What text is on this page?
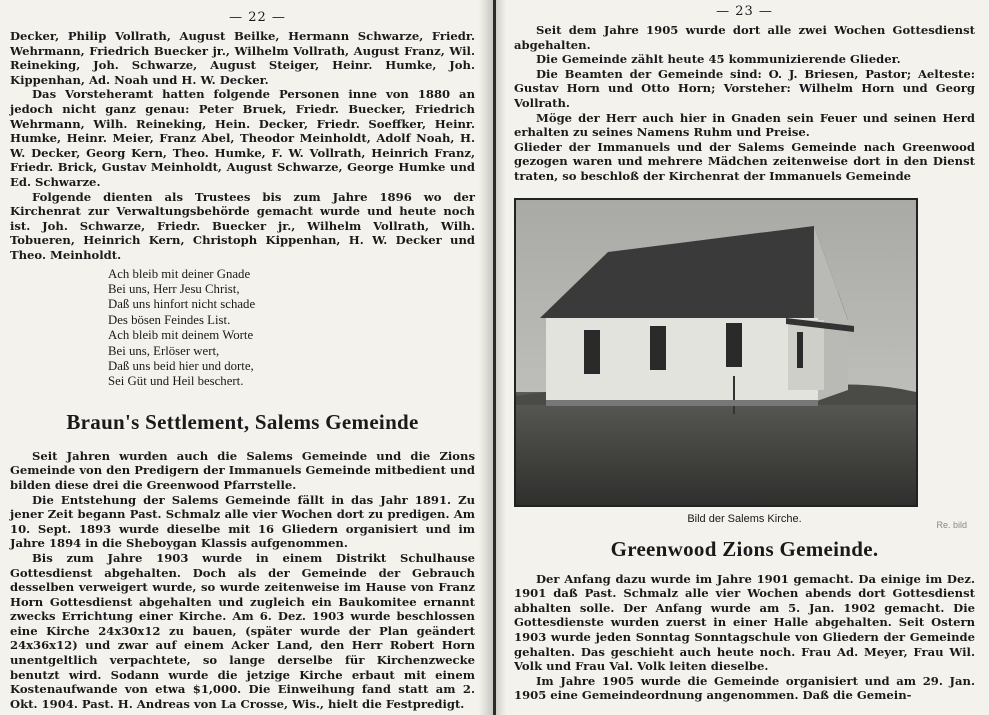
— 22 —

Decker, Philip Vollrath, August Beilke, Hermann Schwarze, Friedr. Wehrmann, Friedrich Buecker jr., Wilhelm Vollrath, August Franz, Wil. Reineking, Joh. Schwarze, August Steiger, Heinr. Humke, Joh. Kippenhan, Ad. Noah und H. W. Decker.

Das Vorsteheramt hatten folgende Personen inne von 1880 an jedoch nicht ganz genau: Peter Bruek, Friedr. Buecker, Friedrich Wehrmann, Wilh. Reineking, Hein. Decker, Friedr. Soeffker, Heinr. Humke, Heinr. Meier, Franz Abel, Theodor Meinholdt, Adolf Noah, H. W. Decker, Georg Kern, Theo. Humke, F. W. Vollrath, Heinrich Franz, Friedr. Brick, Gustav Meinholdt, August Schwarze, George Humke und Ed. Schwarze.

Folgende dienten als Trustees bis zum Jahre 1896 wo der Kirchenrat zur Verwaltungsbehörde gemacht wurde und heute noch ist. Joh. Schwarze, Friedr. Buecker jr., Wilhelm Vollrath, Wilh. Tobueren, Heinrich Kern, Christoph Kippenhan, H. W. Decker und Theo. Meinholdt.

Ach bleib mit deiner Gnade
Bei uns, Herr Jesu Christ,
Daß uns hinfort nicht schade
Des bösen Feindes List.
Ach bleib mit deinem Worte
Bei uns, Erlöser wert,
Daß uns beid hier und dorte,
Sei Güt und Heil beschert.
Braun's Settlement, Salems Gemeinde

Seit Jahren wurden auch die Salems Gemeinde und die Zions Gemeinde von den Predigern der Immanuels Gemeinde mitbedient und bilden diese drei die Greenwood Pfarrstelle.

Die Entstehung der Salems Gemeinde fällt in das Jahr 1891. Zu jener Zeit begann Past. Schmalz alle vier Wochen dort zu predigen. Am 10. Sept. 1893 wurde dieselbe mit 16 Gliedern organisiert und im Jahre 1894 in die Sheboygan Klassis aufgenommen.

Bis zum Jahre 1903 wurde in einem Distrikt Schulhause Gottesdienst abgehalten. Doch als der Gemeinde der Gebrauch desselben verweigert wurde, so wurde zeitenweise im Hause von Franz Horn Gottesdienst abgehalten und zugleich ein Baukomitee ernannt zwecks Errichtung einer Kirche. Am 6. Dez. 1903 wurde beschlossen eine Kirche 24x30x12 zu bauen, (später wurde der Plan geändert 24x36x12) und zwar auf einem Acker Land, den Herr Robert Horn unentgeltlich verpachtete, so lange derselbe für Kirchenzwecke benutzt wird. Sodann wurde die jetzige Kirche erbaut mit einem Kostenaufwande von etwa $1,000. Die Einweihung fand statt am 2. Okt. 1904. Past. H. Andreas von La Crosse, Wis., hielt die Festpredigt.

— 23 —

Seit dem Jahre 1905 wurde dort alle zwei Wochen Gottesdienst abgehalten.

Die Gemeinde zählt heute 45 kommunizierende Glieder.

Die Beamten der Gemeinde sind: O. J. Briesen, Pastor; Aelteste: Gustav Horn und Otto Horn; Vorsteher: Wilhelm Horn und Georg Vollrath.

Möge der Herr auch hier in Gnaden sein Feuer und seinen Herd erhalten zu seines Namens Ruhm und Preise.

Glieder der Immanuels und der Salems Gemeinde nach Greenwood gezogen waren und mehrere Mädchen zeitenweise dort in den Dienst traten, so beschloß der Kirchenrat der Immanuels Gemeinde

Bild der Salems Kirche.
Re. bild
Greenwood Zions Gemeinde.

Der Anfang dazu wurde im Jahre 1901 gemacht. Da einige im Dez. 1901 daß Past. Schmalz alle vier Wochen abends dort Gottesdienst abhalten solle. Der Anfang wurde am 5. Jan. 1902 gemacht. Die Gottesdienste wurden zuerst in einer Halle abgehalten. Seit Ostern 1903 wurde jeden Sonntag Sonntagschule von Gliedern der Gemeinde gehalten. Das geschieht auch heute noch. Frau Ad. Meyer, Frau Wil. Volk und Frau Val. Volk leiten dieselbe.

Im Jahre 1905 wurde die Gemeinde organisiert und am 29. Jan. 1905 eine Gemeindeordnung angenommen. Daß die Gemein-
